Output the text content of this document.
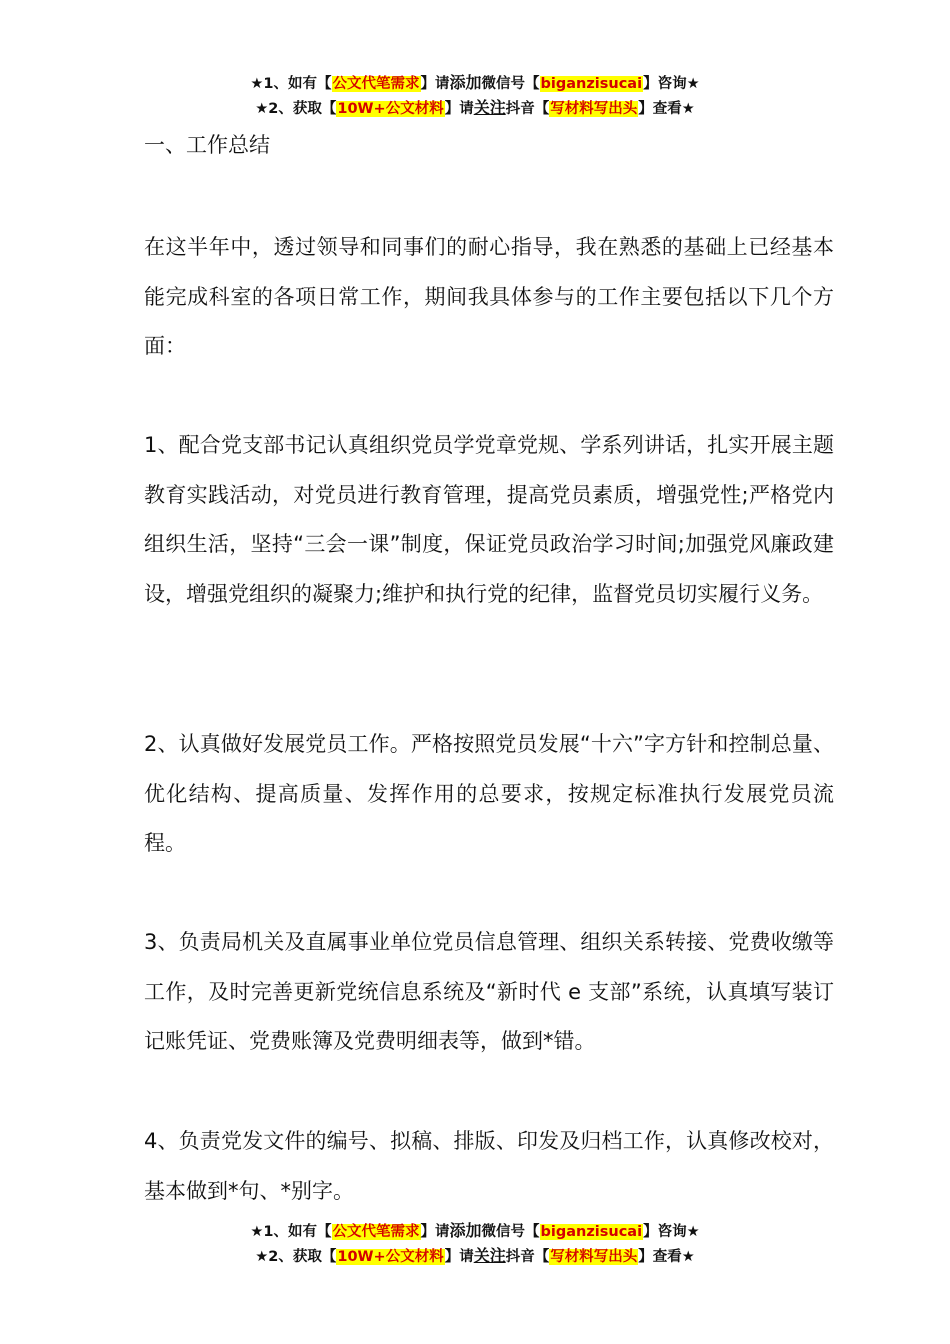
★1、如有【公文代笔需求】请添加微信号【biganzisucai】咨询★
★2、获取【10W+公文材料】请关注抖音【写材料写出头】查看★
一、工作总结
在这半年中，透过领导和同事们的耐心指导，我在熟悉的基础上已经基本能完成科室的各项日常工作，期间我具体参与的工作主要包括以下几个方面：
1、配合党支部书记认真组织党员学党章党规、学系列讲话，扎实开展主题教育实践活动，对党员进行教育管理，提高党员素质，增强党性;严格党内组织生活，坚持“三会一课”制度，保证党员政治学习时间;加强党风廉政建设，增强党组织的凝聚力;维护和执行党的纪律，监督党员切实履行义务。
2、认真做好发展党员工作。严格按照党员发展“十六”字方针和控制总量、优化结构、提高质量、发挥作用的总要求，按规定标准执行发展党员流程。
3、负责局机关及直属事业单位党员信息管理、组织关系转接、党费收缴等工作，及时完善更新党统信息系统及“新时代 e 支部”系统，认真填写装订记账凭证、党费账簿及党费明细表等，做到*错。
4、负责党发文件的编号、拟稿、排版、印发及归档工作，认真修改校对，基本做到*句、*别字。
★1、如有【公文代笔需求】请添加微信号【biganzisucai】咨询★
★2、获取【10W+公文材料】请关注抖音【写材料写出头】查看★
